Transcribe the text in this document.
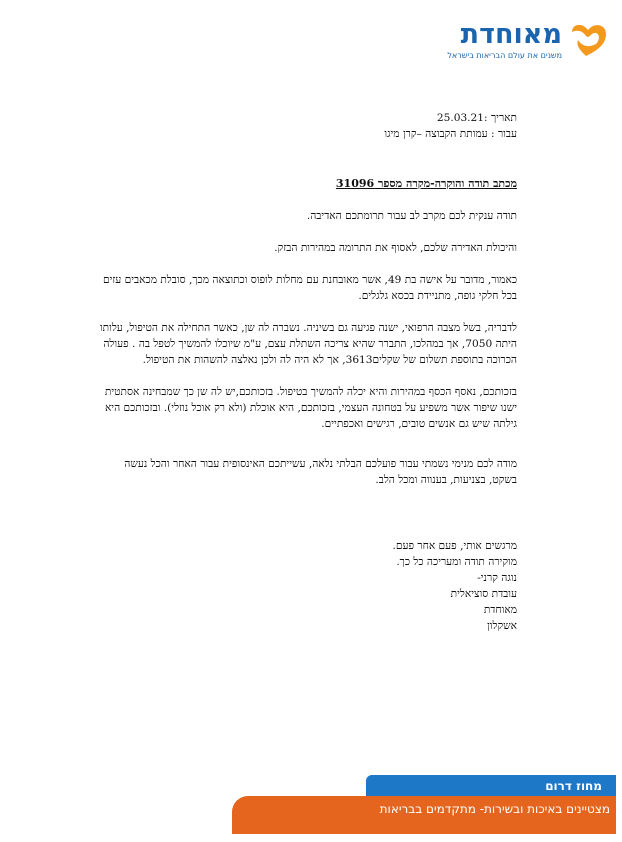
מאוחדת
משנים את עולם הבריאות בישראל

תאריך :25.03.21

עבור : עמותת הקבוצה –קרן מיגו

מכתב תודה והוקרה-מקרה מספר 31096

תודה ענקית לכם מקרב לב עבור תרומתכם האדיבה.

והיכולת האדירה שלכם, לאסוף את התרומה במהירות הבזק.

כאמור, מדובר על אישה בת 49, אשר מאובחנת עם מחלות לופוס וכתוצאה מכך, סובלת מכאבים עזים בכל חלקי גופה, מתניידת בכסא גלגלים.

לדבריה, בשל מצבה הרפואי, ישנה פגיעה גם בשיניה. נשברה לה שן, כאשר התחילה את הטיפול, עלותו היתה 7050, אך במהלכו, התברר שהיא צריכה השתלת עצם, ע"מ שיוכלו להמשיך לטפל בה . פעולה הכרוכה בתוספת תשלום של שקלים3613, אך לא היה לה ולכן נאלצה להשהות את הטיפול.

בזכותכם, נאסף הכסף במהירות והיא יכלה להמשיך בטיפול. בזכותכם,יש לה שן כך שמבחינה אסתטית ישנו שיפור אשר משפיע על בטחונה העצמי, בזכותכם, היא אוכלת (ולא רק אוכל נוזלי). ובזכותכם היא גילתה שיש גם אנשים טובים, רגישים ואכפתיים.

מודה לכם מנימי נשמתי עבור פועלכם הבלתי נלאה, עשייתכם האינסופית עבור האחר והכל נעשה בשקט, בצניעות, בענווה ומכל הלב.

מרגשים אותי, פעם אחר פעם.

מוקירה תודה ומעריכה כל כך.

נוגה קרני-

עובדת סוציאלית

מאוחדת

אשקלון

מחוז דרום
מצטיינים באיכות ובשירות- מתקדמים בבריאות
